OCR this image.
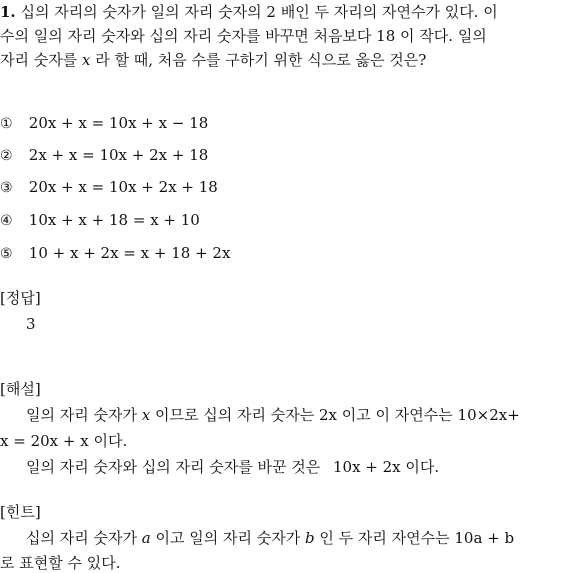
1. 십의 자리의 숫자가 일의 자리 숫자의 2 배인 두 자리의 자연수가 있다. 이
수의 일의 자리 숫자와 십의 자리 숫자를 바꾸면 처음보다 18 이 작다. 일의
자리 숫자를 x 라 할 때, 처음 수를 구하기 위한 식으로 옳은 것은?
① 20x + x = 10x + x − 18
② 2x + x = 10x + 2x + 18
③ 20x + x = 10x + 2x + 18
④ 10x + x + 18 = x + 10
⑤ 10 + x + 2x = x + 18 + 2x
[정답]
3
[해설]
일의 자리 숫자가 x 이므로 십의 자리 숫자는 2x 이고 이 자연수는 10×2x+
x = 20x + x 이다.
일의 자리 숫자와 십의 자리 숫자를 바꾼 것은 10x + 2x 이다.
[힌트]
십의 자리 숫자가 a 이고 일의 자리 숫자가 b 인 두 자리 자연수는 10a + b
로 표현할 수 있다.
